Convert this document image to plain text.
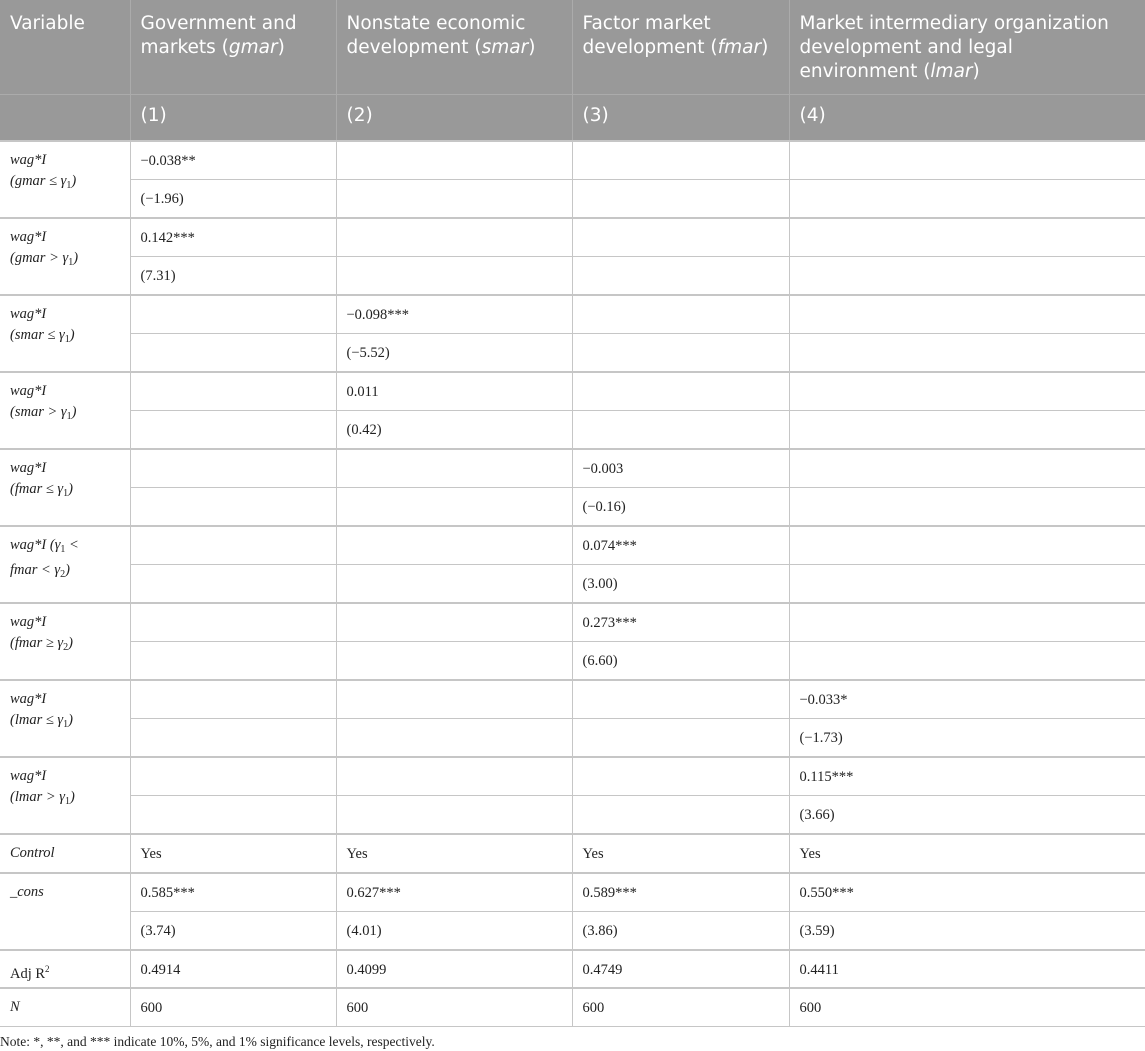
Variable	Government and markets (gmar)	Nonstate economic development (smar)	Factor market development (fmar)	Market intermediary organization development and legal environment (lmar)
	(1)	(2)	(3)	(4)
wag*I
(gmar ≤ $\gamma_1$)	−0.038**			
	(−1.96)			
wag*I
(gmar > $\gamma_1$)	0.142***			
	(7.31)			
wag*I
(smar ≤ $\gamma_1$)		−0.098***		
		(−5.52)		
wag*I
(smar > $\gamma_1$)		0.011		
		(0.42)		
wag*I
(fmar ≤ $\gamma_1$)			−0.003	
			(−0.16)	
wag*I ($\gamma_1$ <
fmar < $\gamma_2$)			0.074***	
			(3.00)	
wag*I
(fmar ≥ $\gamma_2$)			0.273***	
			(6.60)	
wag*I
(lmar ≤ $\gamma_1$)				−0.033*
				(−1.73)
wag*I
(lmar > $\gamma_1$)				0.115***
				(3.66)
Control	Yes	Yes	Yes	Yes
_cons	0.585***	0.627***	0.589***	0.550***
	(3.74)	(4.01)	(3.86)	(3.59)
Adj $R^2$	0.4914	0.4099	0.4749	0.4411
N	600	600	600	600
Note: *, **, and *** indicate 10%, 5%, and 1% significance levels, respectively.
